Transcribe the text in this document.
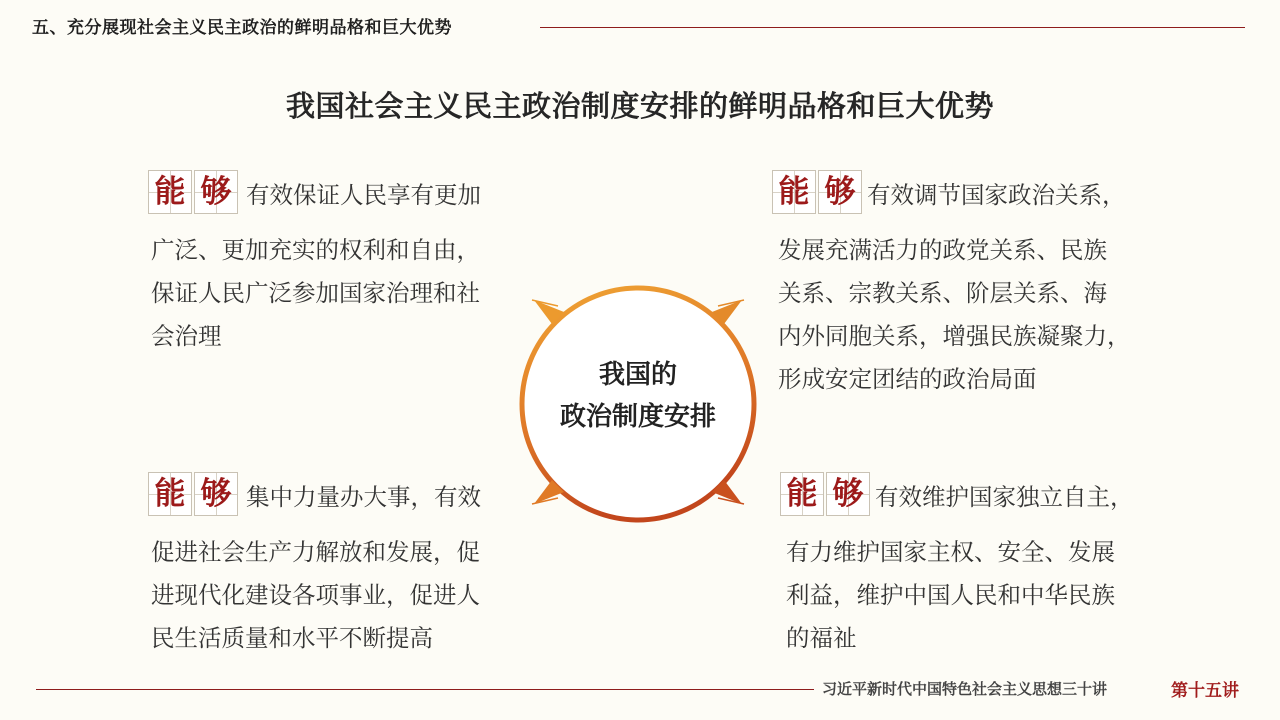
五、充分展现社会主义民主政治的鲜明品格和巨大优势
我国社会主义民主政治制度安排的鲜明品格和巨大优势
我国的
政治制度安排
能 够 有效保证人民享有更加
广泛、更加充实的权利和自由，
保证人民广泛参加国家治理和社
会治理
能 够 有效调节国家政治关系，
发展充满活力的政党关系、民族
关系、宗教关系、阶层关系、海
内外同胞关系，增强民族凝聚力，
形成安定团结的政治局面
能 够 集中力量办大事，有效
促进社会生产力解放和发展，促
进现代化建设各项事业，促进人
民生活质量和水平不断提高
能 够 有效维护国家独立自主，
有力维护国家主权、安全、发展
利益，维护中国人民和中华民族
的福祉
习近平新时代中国特色社会主义思想三十讲	第十五讲
